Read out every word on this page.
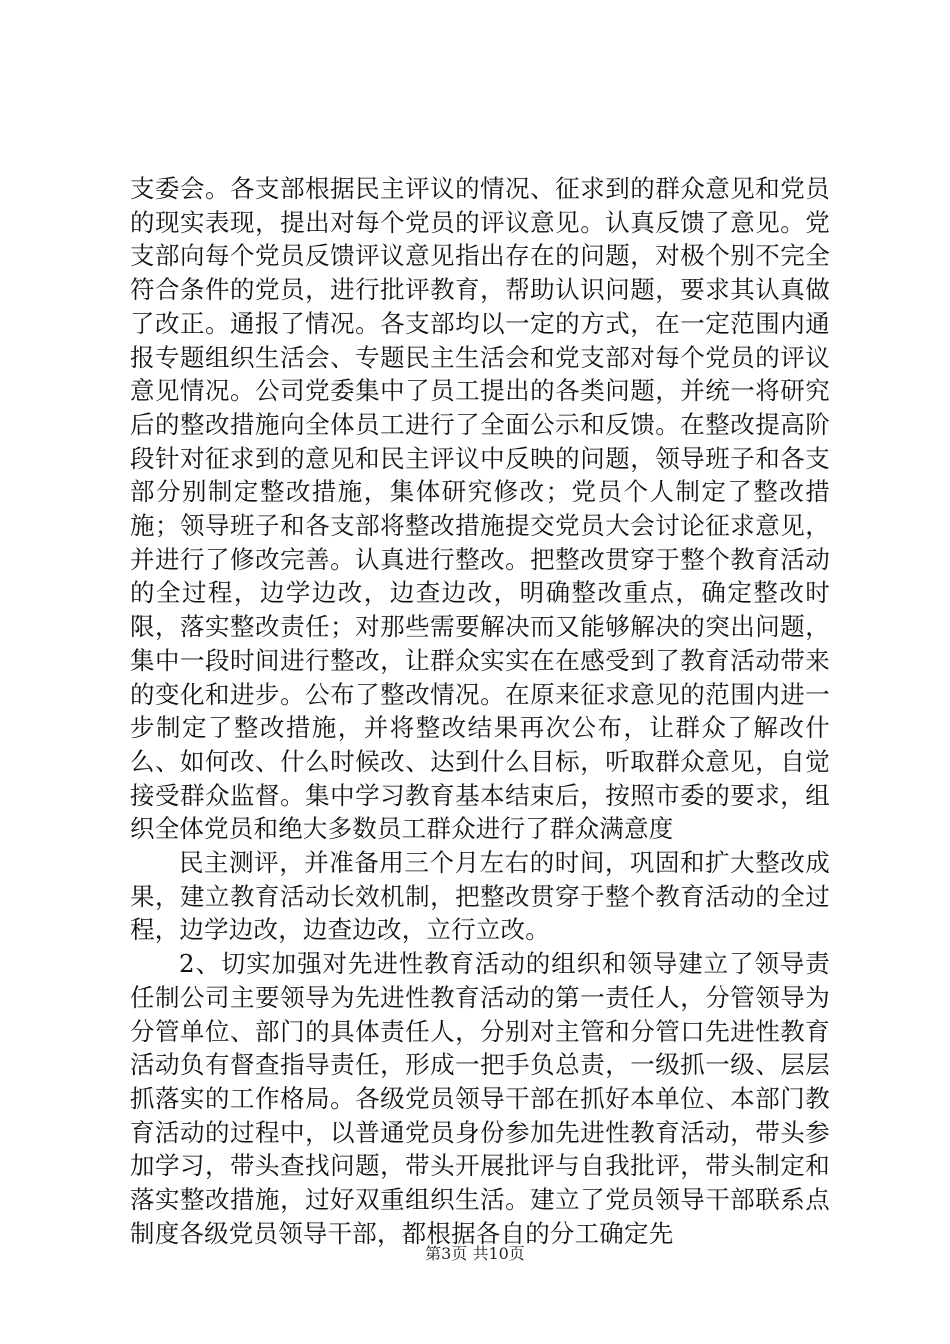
支委会。各支部根据民主评议的情况、征求到的群众意见和党员的现实表现，提出对每个党员的评议意见。认真反馈了意见。党支部向每个党员反馈评议意见指出存在的问题，对极个别不完全符合条件的党员，进行批评教育，帮助认识问题，要求其认真做了改正。通报了情况。各支部均以一定的方式，在一定范围内通报专题组织生活会、专题民主生活会和党支部对每个党员的评议意见情况。公司党委集中了员工提出的各类问题，并统一将研究后的整改措施向全体员工进行了全面公示和反馈。在整改提高阶段针对征求到的意见和民主评议中反映的问题，领导班子和各支部分别制定整改措施，集体研究修改；党员个人制定了整改措施；领导班子和各支部将整改措施提交党员大会讨论征求意见，并进行了修改完善。认真进行整改。把整改贯穿于整个教育活动的全过程，边学边改，边查边改，明确整改重点，确定整改时限，落实整改责任；对那些需要解决而又能够解决的突出问题，集中一段时间进行整改，让群众实实在在感受到了教育活动带来的变化和进步。公布了整改情况。在原来征求意见的范围内进一步制定了整改措施，并将整改结果再次公布，让群众了解改什么、如何改、什么时候改、达到什么目标，听取群众意见，自觉接受群众监督。集中学习教育基本结束后，按照市委的要求，组织全体党员和绝大多数员工群众进行了群众满意度

民主测评，并准备用三个月左右的时间，巩固和扩大整改成果，建立教育活动长效机制，把整改贯穿于整个教育活动的全过程，边学边改，边查边改，立行立改。

2、切实加强对先进性教育活动的组织和领导建立了领导责任制公司主要领导为先进性教育活动的第一责任人，分管领导为分管单位、部门的具体责任人，分别对主管和分管口先进性教育活动负有督查指导责任，形成一把手负总责，一级抓一级、层层抓落实的工作格局。各级党员领导干部在抓好本单位、本部门教育活动的过程中，以普通党员身份参加先进性教育活动，带头参加学习，带头查找问题，带头开展批评与自我批评，带头制定和落实整改措施，过好双重组织生活。建立了党员领导干部联系点制度各级党员领导干部，都根据各自的分工确定先

第3页 共10页
